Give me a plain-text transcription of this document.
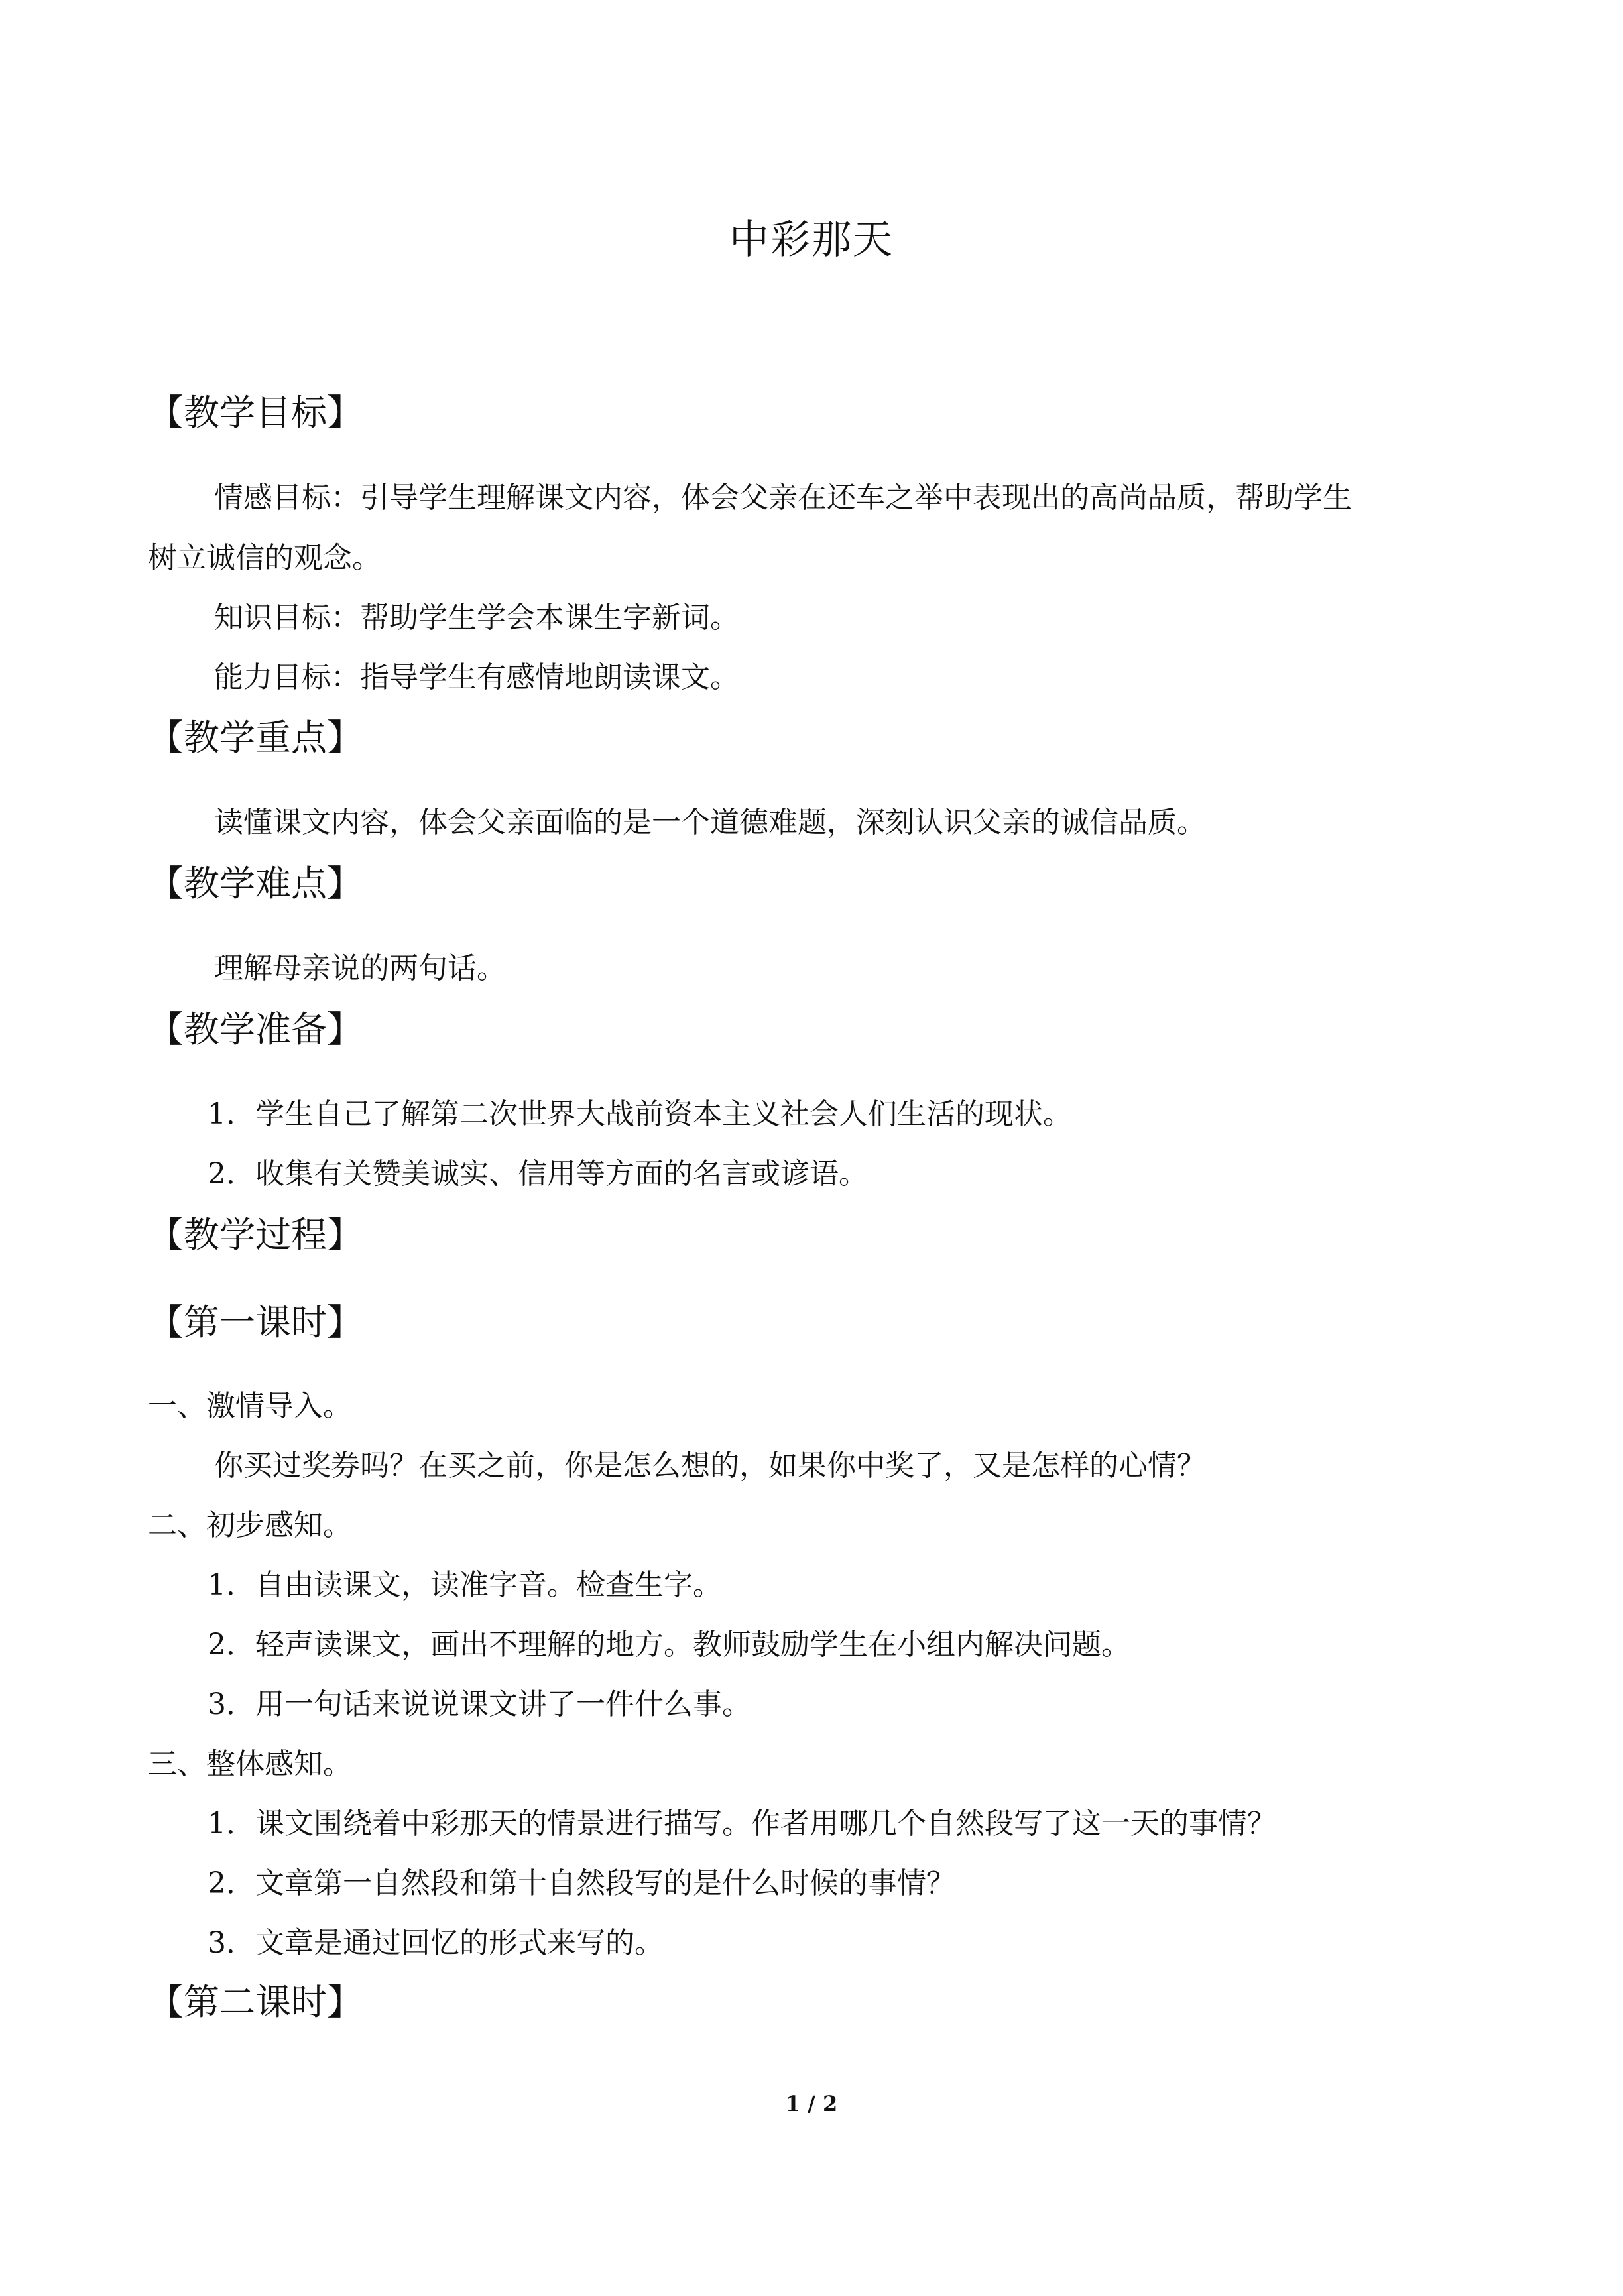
中彩那天
【教学目标】
情感目标：引导学生理解课文内容，体会父亲在还车之举中表现出的高尚品质，帮助学生
树立诚信的观念。
知识目标：帮助学生学会本课生字新词。
能力目标：指导学生有感情地朗读课文。
【教学重点】
读懂课文内容，体会父亲面临的是一个道德难题，深刻认识父亲的诚信品质。
【教学难点】
理解母亲说的两句话。
【教学准备】
1．学生自己了解第二次世界大战前资本主义社会人们生活的现状。
2．收集有关赞美诚实、信用等方面的名言或谚语。
【教学过程】
【第一课时】
一、激情导入。
你买过奖券吗？在买之前，你是怎么想的，如果你中奖了，又是怎样的心情？
二、初步感知。
1．自由读课文，读准字音。检查生字。
2．轻声读课文，画出不理解的地方。教师鼓励学生在小组内解决问题。
3．用一句话来说说课文讲了一件什么事。
三、整体感知。
1．课文围绕着中彩那天的情景进行描写。作者用哪几个自然段写了这一天的事情？
2．文章第一自然段和第十自然段写的是什么时候的事情？
3．文章是通过回忆的形式来写的。
【第二课时】
1 / 2
